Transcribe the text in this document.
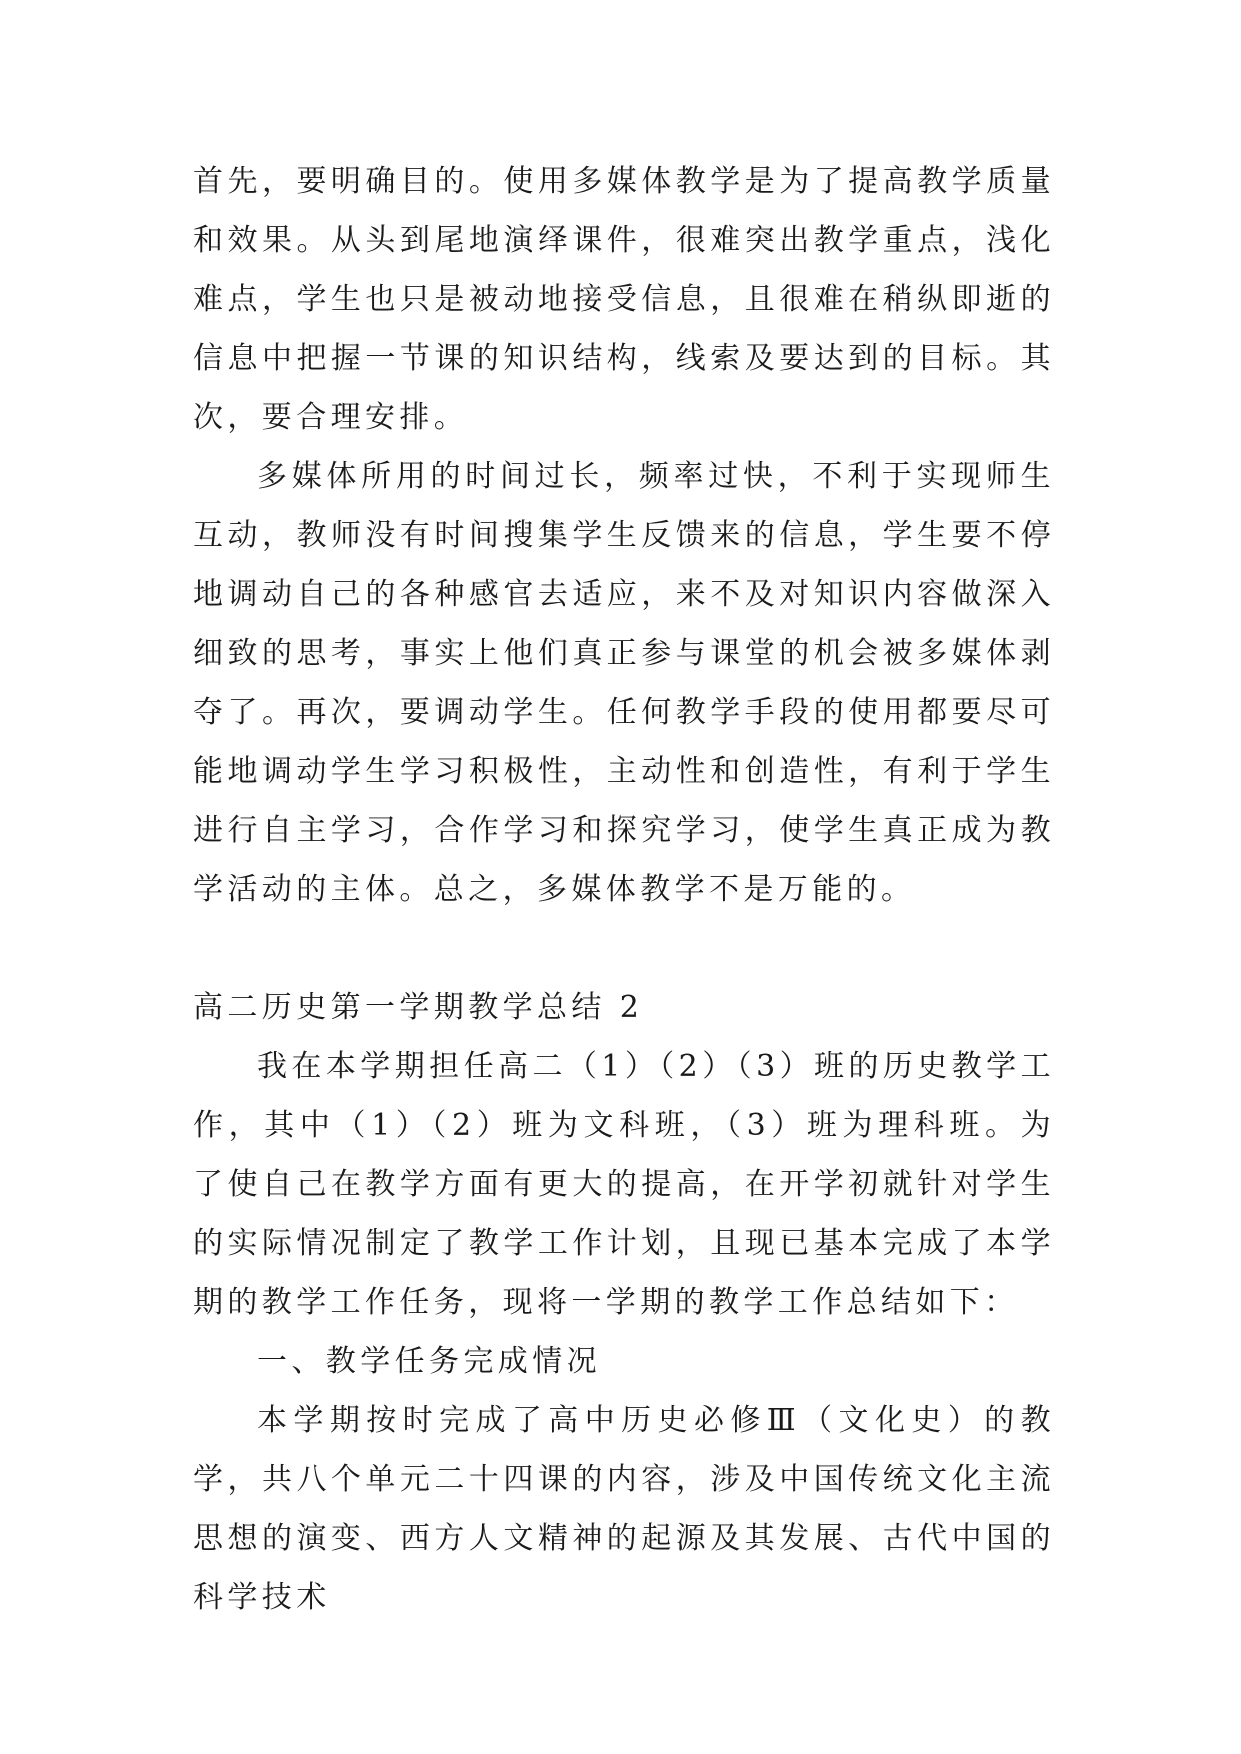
首先，要明确目的。使用多媒体教学是为了提高教学质量和效果。从头到尾地演绎课件，很难突出教学重点，浅化难点，学生也只是被动地接受信息，且很难在稍纵即逝的信息中把握一节课的知识结构，线索及要达到的目标。其次，要合理安排。

多媒体所用的时间过长，频率过快，不利于实现师生互动，教师没有时间搜集学生反馈来的信息，学生要不停地调动自己的各种感官去适应，来不及对知识内容做深入细致的思考，事实上他们真正参与课堂的机会被多媒体剥夺了。再次，要调动学生。任何教学手段的使用都要尽可能地调动学生学习积极性，主动性和创造性，有利于学生进行自主学习，合作学习和探究学习，使学生真正成为教学活动的主体。总之，多媒体教学不是万能的。

高二历史第一学期教学总结 2

我在本学期担任高二（1）（2）（3）班的历史教学工作，其中（1）（2）班为文科班，（3）班为理科班。为了使自己在教学方面有更大的提高，在开学初就针对学生的实际情况制定了教学工作计划，且现已基本完成了本学期的教学工作任务，现将一学期的教学工作总结如下：

一、教学任务完成情况

本学期按时完成了高中历史必修Ⅲ（文化史）的教学，共八个单元二十四课的内容，涉及中国传统文化主流思想的演变、西方人文精神的起源及其发展、古代中国的科学技术
